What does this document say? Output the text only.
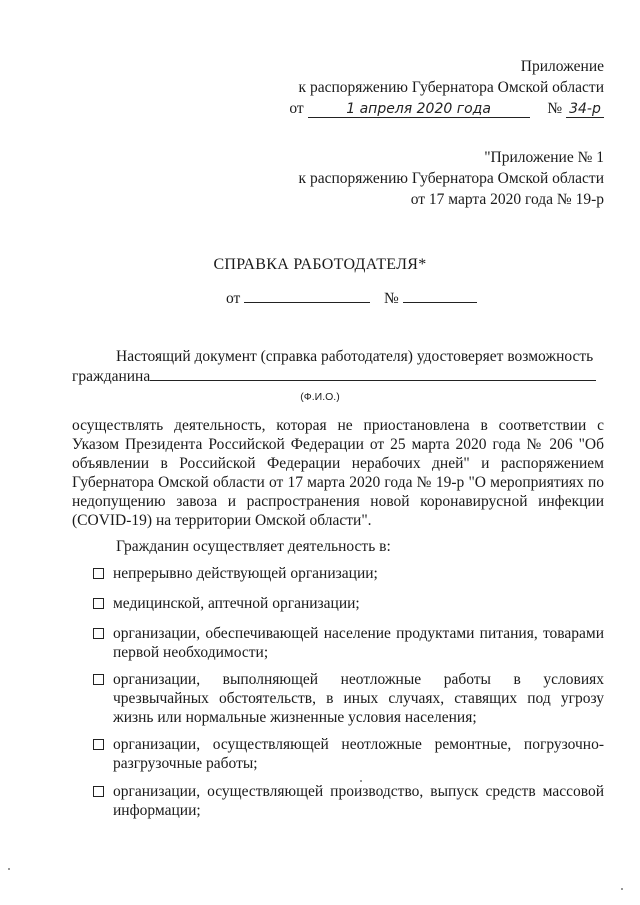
Приложение
к распоряжению Губернатора Омской области
от	1 апреля 2020 года	№ 34-р
"Приложение № 1
к распоряжению Губернатора Омской области
от 17 марта 2020 года № 19-р
СПРАВКА РАБОТОДАТЕЛЯ*
от	№
Настоящий документ (справка работодателя) удостоверяет возможность
гражданина
(Ф.И.О.)
осуществлять деятельность, которая не приостановлена в соответствии с Указом Президента Российской Федерации от 25 марта 2020 года № 206 "Об объявлении в Российской Федерации нерабочих дней" и распоряжением Губернатора Омской области от 17 марта 2020 года № 19-р "О мероприятиях по недопущению завоза и распространения новой коронавирусной инфекции (COVID-19) на территории Омской области".
Гражданин осуществляет деятельность в:
непрерывно действующей организации;
медицинской, аптечной организации;
организации, обеспечивающей население продуктами питания, товарами первой необходимости;
организации, выполняющей неотложные работы в условиях чрезвычайных обстоятельств, в иных случаях, ставящих под угрозу жизнь или нормальные жизненные условия населения;
организации, осуществляющей неотложные ремонтные, погрузочно-разгрузочные работы;
организации, осуществляющей производство, выпуск средств массовой информации;
